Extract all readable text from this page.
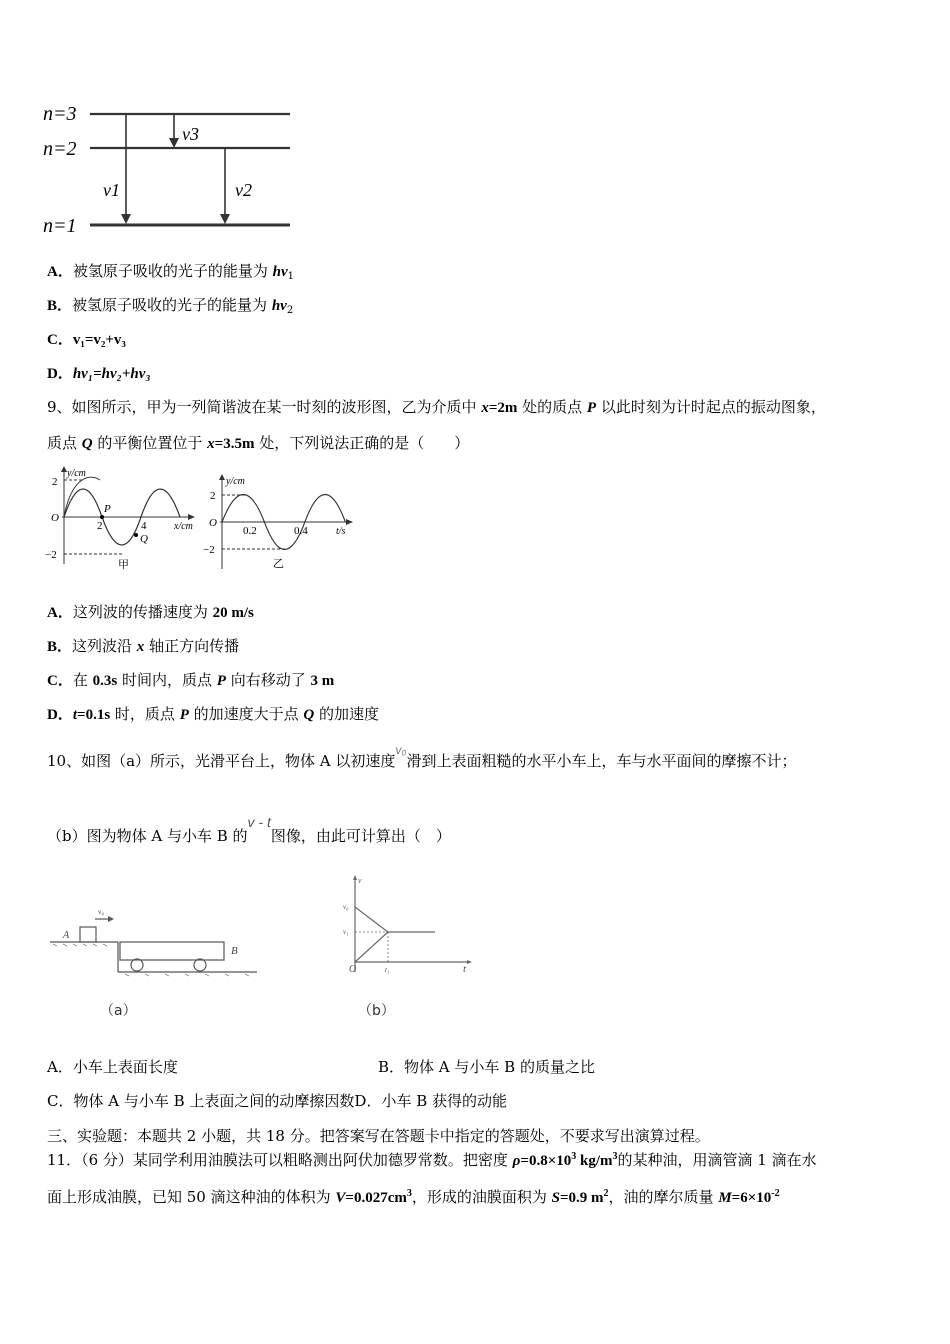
n=3
n=2
n=1
ν1	ν2
ν3
A．被氢原子吸收的光子的能量为 $hv_1$
B．被氢原子吸收的光子的能量为 $hv_2$
C．v₁=v₂+v₃
D．hv₁=hv₂+hv₃
9、如图所示，甲为一列简谐波在某一时刻的波形图，乙为介质中 x=2m 处的质点 P 以此时刻为计时起点的振动图象，
质点 Q 的平衡位置位于 x=3.5m 处，下列说法正确的是（　　）
y/cm
2
O
−2
2	4	x/cm
P
Q
甲
y/cm
2
O
−2
0.2	0.4	t/s
乙
A．这列波的传播速度为 20 m/s
B．这列波沿 x 轴正方向传播
C．在 0.3s 时间内，质点 P 向右移动了 3 m
D．t=0.1s 时，质点 P 的加速度大于点 Q 的加速度
10、如图（a）所示，光滑平台上，物体 A 以初速度$^{v_0}$滑到上表面粗糙的水平小车上，车与水平面间的摩擦不计；
（b）图为物体 A 与小车 B 的v - t图像，由此可计算出（　）
A
B
v₀
（a）
v
v₀
v₁
O	t₁	t
（b）
A．小车上表面长度	B．物体 A 与小车 B 的质量之比
C．物体 A 与小车 B 上表面之间的动摩擦因数D．小车 B 获得的动能
三、实验题：本题共 2 小题，共 18 分。把答案写在答题卡中指定的答题处，不要求写出演算过程。
11．（6 分）某同学利用油膜法可以粗略测出阿伏加德罗常数。把密度 $\rho=0.8\times 10^3$ $kg/m^3$的某种油，用滴管滴 1 滴在水
面上形成油膜，已知 50 滴这种油的体积为 $V=0.027cm^3$，形成的油膜面积为 S=0.9 $m^2$，油的摩尔质量 $M=6\times 10^{-2}$
